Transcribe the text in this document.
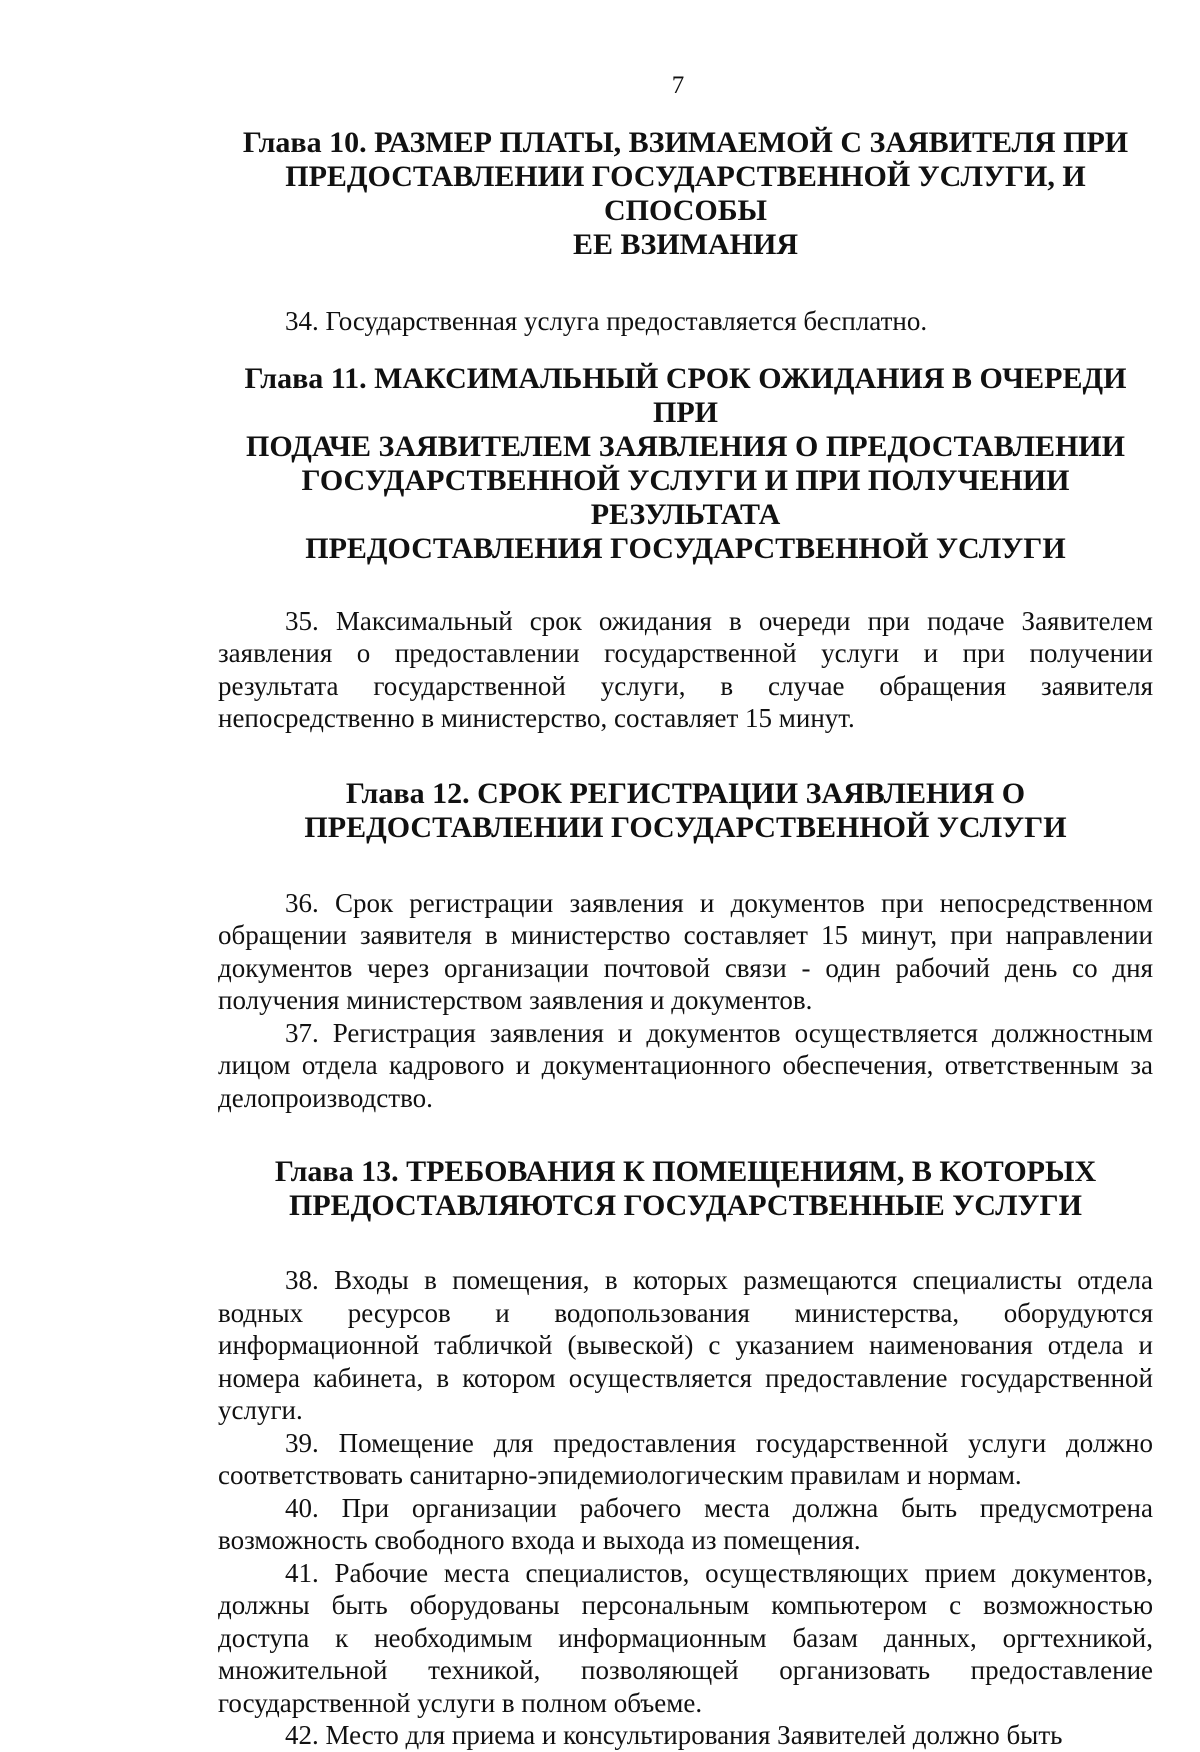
7
Глава 10. РАЗМЕР ПЛАТЫ, ВЗИМАЕМОЙ С ЗАЯВИТЕЛЯ ПРИ
ПРЕДОСТАВЛЕНИИ ГОСУДАРСТВЕННОЙ УСЛУГИ, И СПОСОБЫ
ЕЕ ВЗИМАНИЯ

34. Государственная услуга предоставляется бесплатно.

Глава 11. МАКСИМАЛЬНЫЙ СРОК ОЖИДАНИЯ В ОЧЕРЕДИ ПРИ
ПОДАЧЕ ЗАЯВИТЕЛЕМ ЗАЯВЛЕНИЯ О ПРЕДОСТАВЛЕНИИ
ГОСУДАРСТВЕННОЙ УСЛУГИ И ПРИ ПОЛУЧЕНИИ РЕЗУЛЬТАТА
ПРЕДОСТАВЛЕНИЯ ГОСУДАРСТВЕННОЙ УСЛУГИ

35. Максимальный срок ожидания в очереди при подаче Заявителем заявления о предоставлении государственной услуги и при получении результата государственной услуги, в случае обращения заявителя непосредственно в министерство, составляет 15 минут.

Глава 12. СРОК РЕГИСТРАЦИИ ЗАЯВЛЕНИЯ О
ПРЕДОСТАВЛЕНИИ ГОСУДАРСТВЕННОЙ УСЛУГИ

36. Срок регистрации заявления и документов при непосредственном обращении заявителя в министерство составляет 15 минут, при направлении документов через организации почтовой связи - один рабочий день со дня получения министерством заявления и документов.

37. Регистрация заявления и документов осуществляется должностным лицом отдела кадрового и документационного обеспечения, ответственным за делопроизводство.

Глава 13. ТРЕБОВАНИЯ К ПОМЕЩЕНИЯМ, В КОТОРЫХ
ПРЕДОСТАВЛЯЮТСЯ ГОСУДАРСТВЕННЫЕ УСЛУГИ

38. Входы в помещения, в которых размещаются специалисты отдела водных ресурсов и водопользования министерства, оборудуются информационной табличкой (вывеской) с указанием наименования отдела и номера кабинета, в котором осуществляется предоставление государственной услуги.

39. Помещение для предоставления государственной услуги должно соответствовать санитарно-эпидемиологическим правилам и нормам.

40. При организации рабочего места должна быть предусмотрена возможность свободного входа и выхода из помещения.

41. Рабочие места специалистов, осуществляющих прием документов, должны быть оборудованы персональным компьютером с возможностью доступа к необходимым информационным базам данных, оргтехникой, множительной техникой, позволяющей организовать предоставление государственной услуги в полном объеме.

42. Место для приема и консультирования Заявителей должно быть
